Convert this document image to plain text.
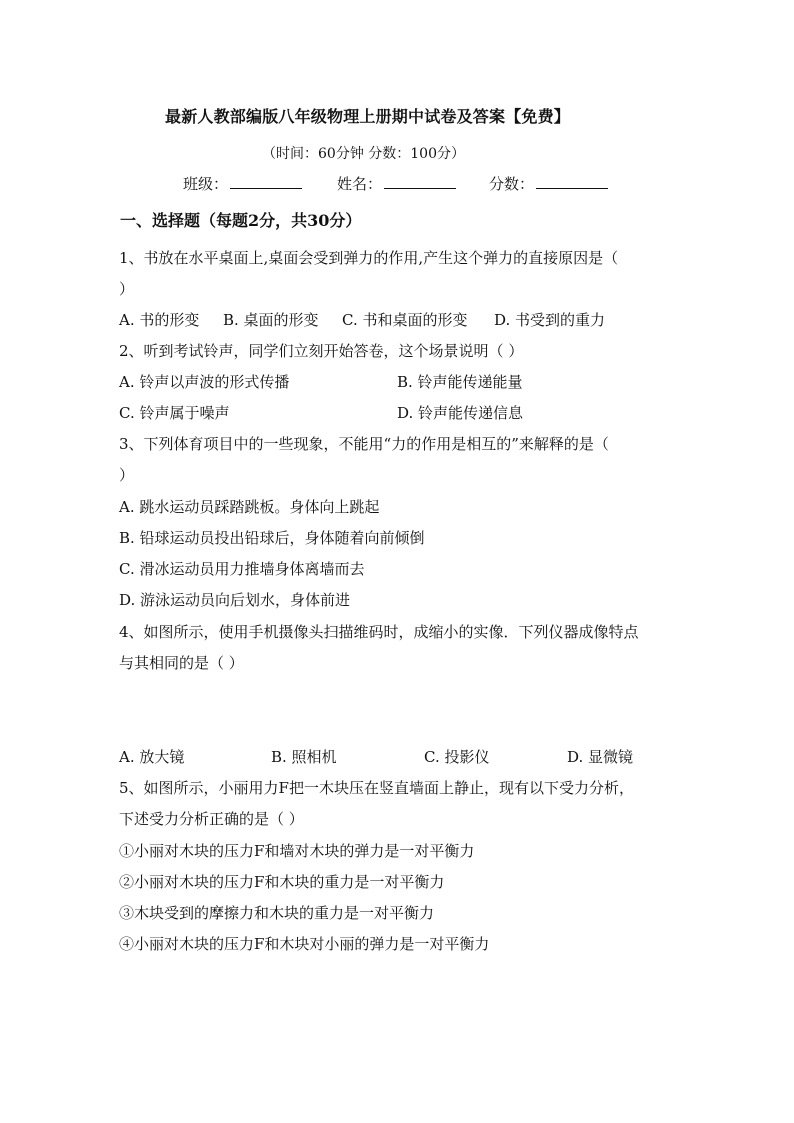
最新人教部编版八年级物理上册期中试卷及答案【免费】
（时间：60分钟 分数：100分）
班级：	姓名：	分数：
一、选择题（每题2分，共30分）
1、书放在水平桌面上,桌面会受到弹力的作用,产生这个弹力的直接原因是（
）
A. 书的形变 B. 桌面的形变 C. 书和桌面的形变 D. 书受到的重力
2、听到考试铃声，同学们立刻开始答卷，这个场景说明（ ）
A. 铃声以声波的形式传播	B. 铃声能传递能量
C. 铃声属于噪声	D. 铃声能传递信息
3、下列体育项目中的一些现象，不能用“力的作用是相互的”来解释的是（
）
A. 跳水运动员踩踏跳板。身体向上跳起
B. 铅球运动员投出铅球后，身体随着向前倾倒
C. 滑冰运动员用力推墙身体离墙而去
D. 游泳运动员向后划水，身体前进
4、如图所示，使用手机摄像头扫描维码时，成缩小的实像．下列仪器成像特点
与其相同的是（ ）
A. 放大镜	B. 照相机	C. 投影仪	D. 显微镜
5、如图所示，小丽用力F把一木块压在竖直墙面上静止，现有以下受力分析，
下述受力分析正确的是（ ）
①小丽对木块的压力F和墙对木块的弹力是一对平衡力
②小丽对木块的压力F和木块的重力是一对平衡力
③木块受到的摩擦力和木块的重力是一对平衡力
④小丽对木块的压力F和木块对小丽的弹力是一对平衡力
